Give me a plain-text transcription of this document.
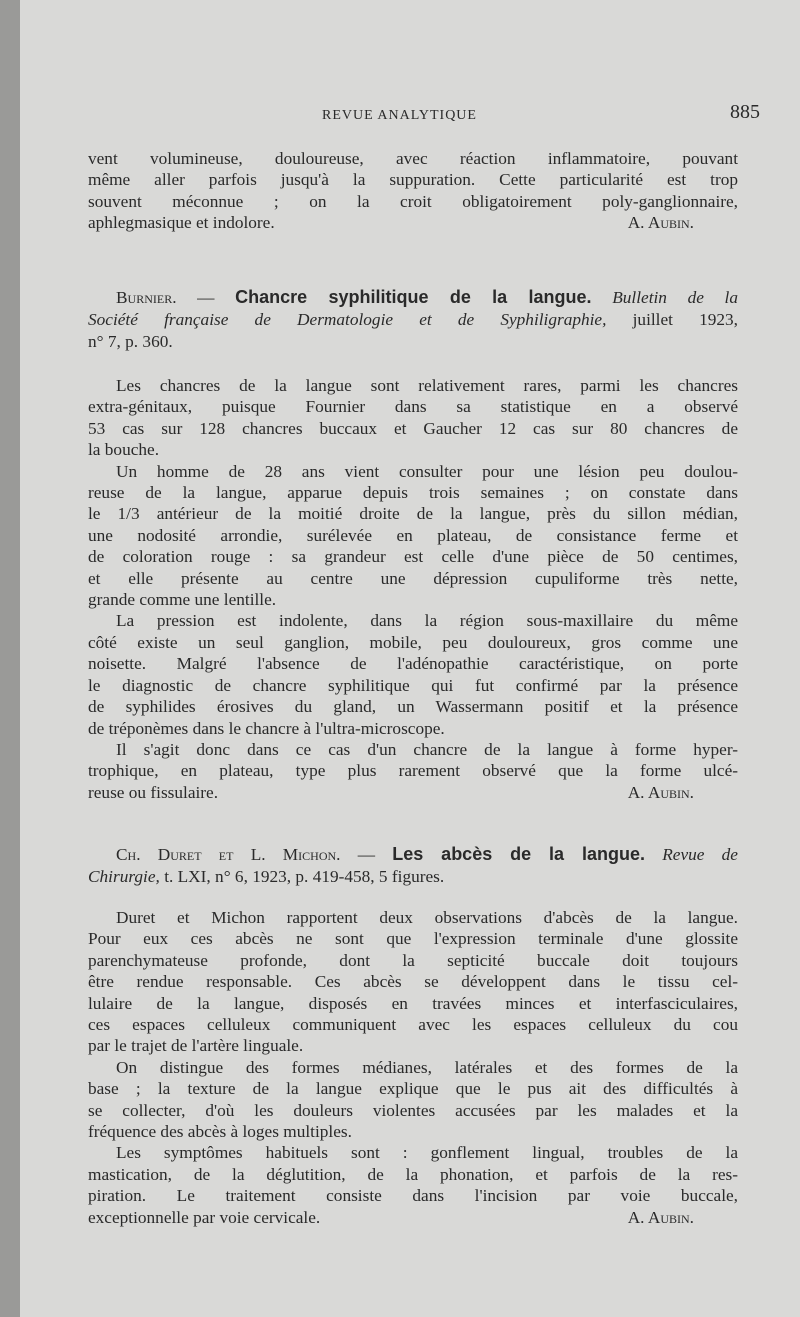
REVUE ANALYTIQUE	885
vent volumineuse, douloureuse, avec réaction inflammatoire, pouvant
même aller parfois jusqu'à la suppuration. Cette particularité est trop
souvent méconnue ; on la croit obligatoirement poly-ganglionnaire,
aphlegmasique et indolore.	A. Aubin.
Burnier. — Chancre syphilitique de la langue. Bulletin de la
Société française de Dermatologie et de Syphiligraphie, juillet 1923,
n° 7, p. 360.
Les chancres de la langue sont relativement rares, parmi les chancres
extra-génitaux, puisque Fournier dans sa statistique en a observé
53 cas sur 128 chancres buccaux et Gaucher 12 cas sur 80 chancres de
la bouche.
Un homme de 28 ans vient consulter pour une lésion peu doulou-
reuse de la langue, apparue depuis trois semaines ; on constate dans
le 1/3 antérieur de la moitié droite de la langue, près du sillon médian,
une nodosité arrondie, surélevée en plateau, de consistance ferme et
de coloration rouge : sa grandeur est celle d'une pièce de 50 centimes,
et elle présente au centre une dépression cupuliforme très nette,
grande comme une lentille.
La pression est indolente, dans la région sous-maxillaire du même
côté existe un seul ganglion, mobile, peu douloureux, gros comme une
noisette. Malgré l'absence de l'adénopathie caractéristique, on porte
le diagnostic de chancre syphilitique qui fut confirmé par la présence
de syphilides érosives du gland, un Wassermann positif et la présence
de tréponèmes dans le chancre à l'ultra-microscope.
Il s'agit donc dans ce cas d'un chancre de la langue à forme hyper-
trophique, en plateau, type plus rarement observé que la forme ulcé-
reuse ou fissulaire.	A. Aubin.
Ch. Duret et L. Michon. — Les abcès de la langue. Revue de
Chirurgie, t. LXI, n° 6, 1923, p. 419-458, 5 figures.
Duret et Michon rapportent deux observations d'abcès de la langue.
Pour eux ces abcès ne sont que l'expression terminale d'une glossite
parenchymateuse profonde, dont la septicité buccale doit toujours
être rendue responsable. Ces abcès se développent dans le tissu cel-
lulaire de la langue, disposés en travées minces et interfasciculaires,
ces espaces celluleux communiquent avec les espaces celluleux du cou
par le trajet de l'artère linguale.
On distingue des formes médianes, latérales et des formes de la
base ; la texture de la langue explique que le pus ait des difficultés à
se collecter, d'où les douleurs violentes accusées par les malades et la
fréquence des abcès à loges multiples.
Les symptômes habituels sont : gonflement lingual, troubles de la
mastication, de la déglutition, de la phonation, et parfois de la res-
piration. Le traitement consiste dans l'incision par voie buccale,
exceptionnelle par voie cervicale.	A. Aubin.
